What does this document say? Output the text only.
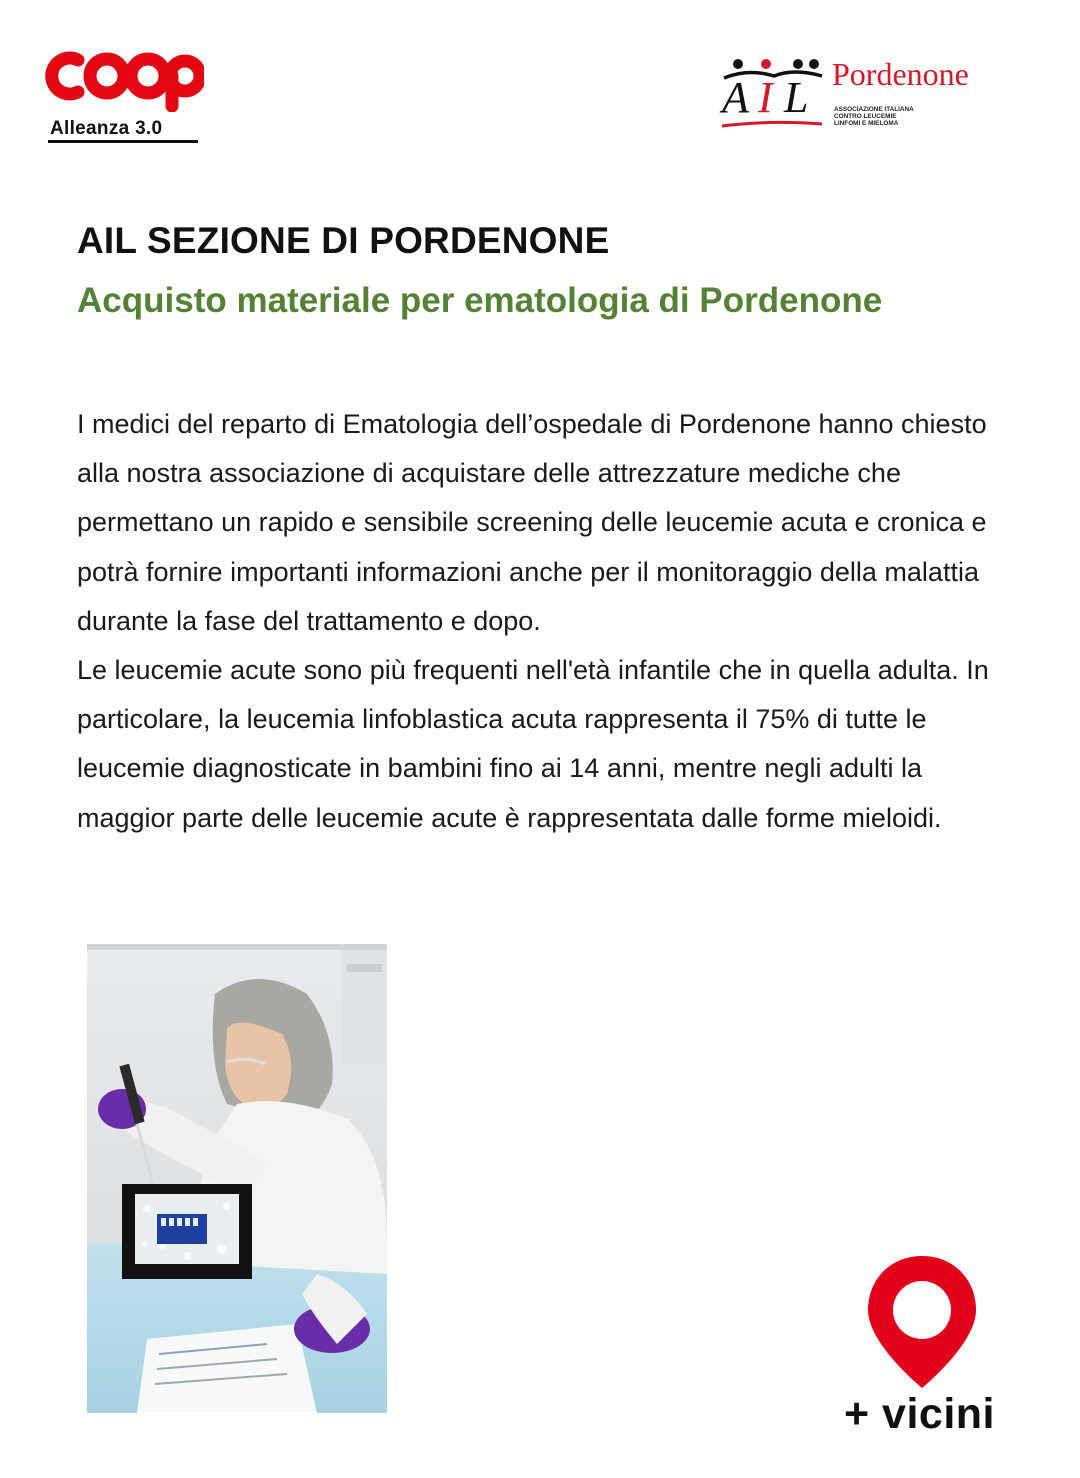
Alleanza 3.0
A I L Pordenone
ASSOCIAZIONE ITALIANA
CONTRO LEUCEMIE
LINFOMI E MIELOMA
AIL SEZIONE DI PORDENONE
Acquisto materiale per ematologia di Pordenone

I medici del reparto di Ematologia dell’ospedale di Pordenone hanno chiesto alla nostra associazione di acquistare delle attrezzature mediche che permettano un rapido e sensibile screening delle leucemie acuta e cronica e potrà fornire importanti informazioni anche per il monitoraggio della malattia durante la fase del trattamento e dopo.

Le leucemie acute sono più frequenti nell'età infantile che in quella adulta. In particolare, la leucemia linfoblastica acuta rappresenta il 75% di tutte le leucemie diagnosticate in bambini fino ai 14 anni, mentre negli adulti la maggior parte delle leucemie acute è rappresentata dalle forme mieloidi.

+ vicini
